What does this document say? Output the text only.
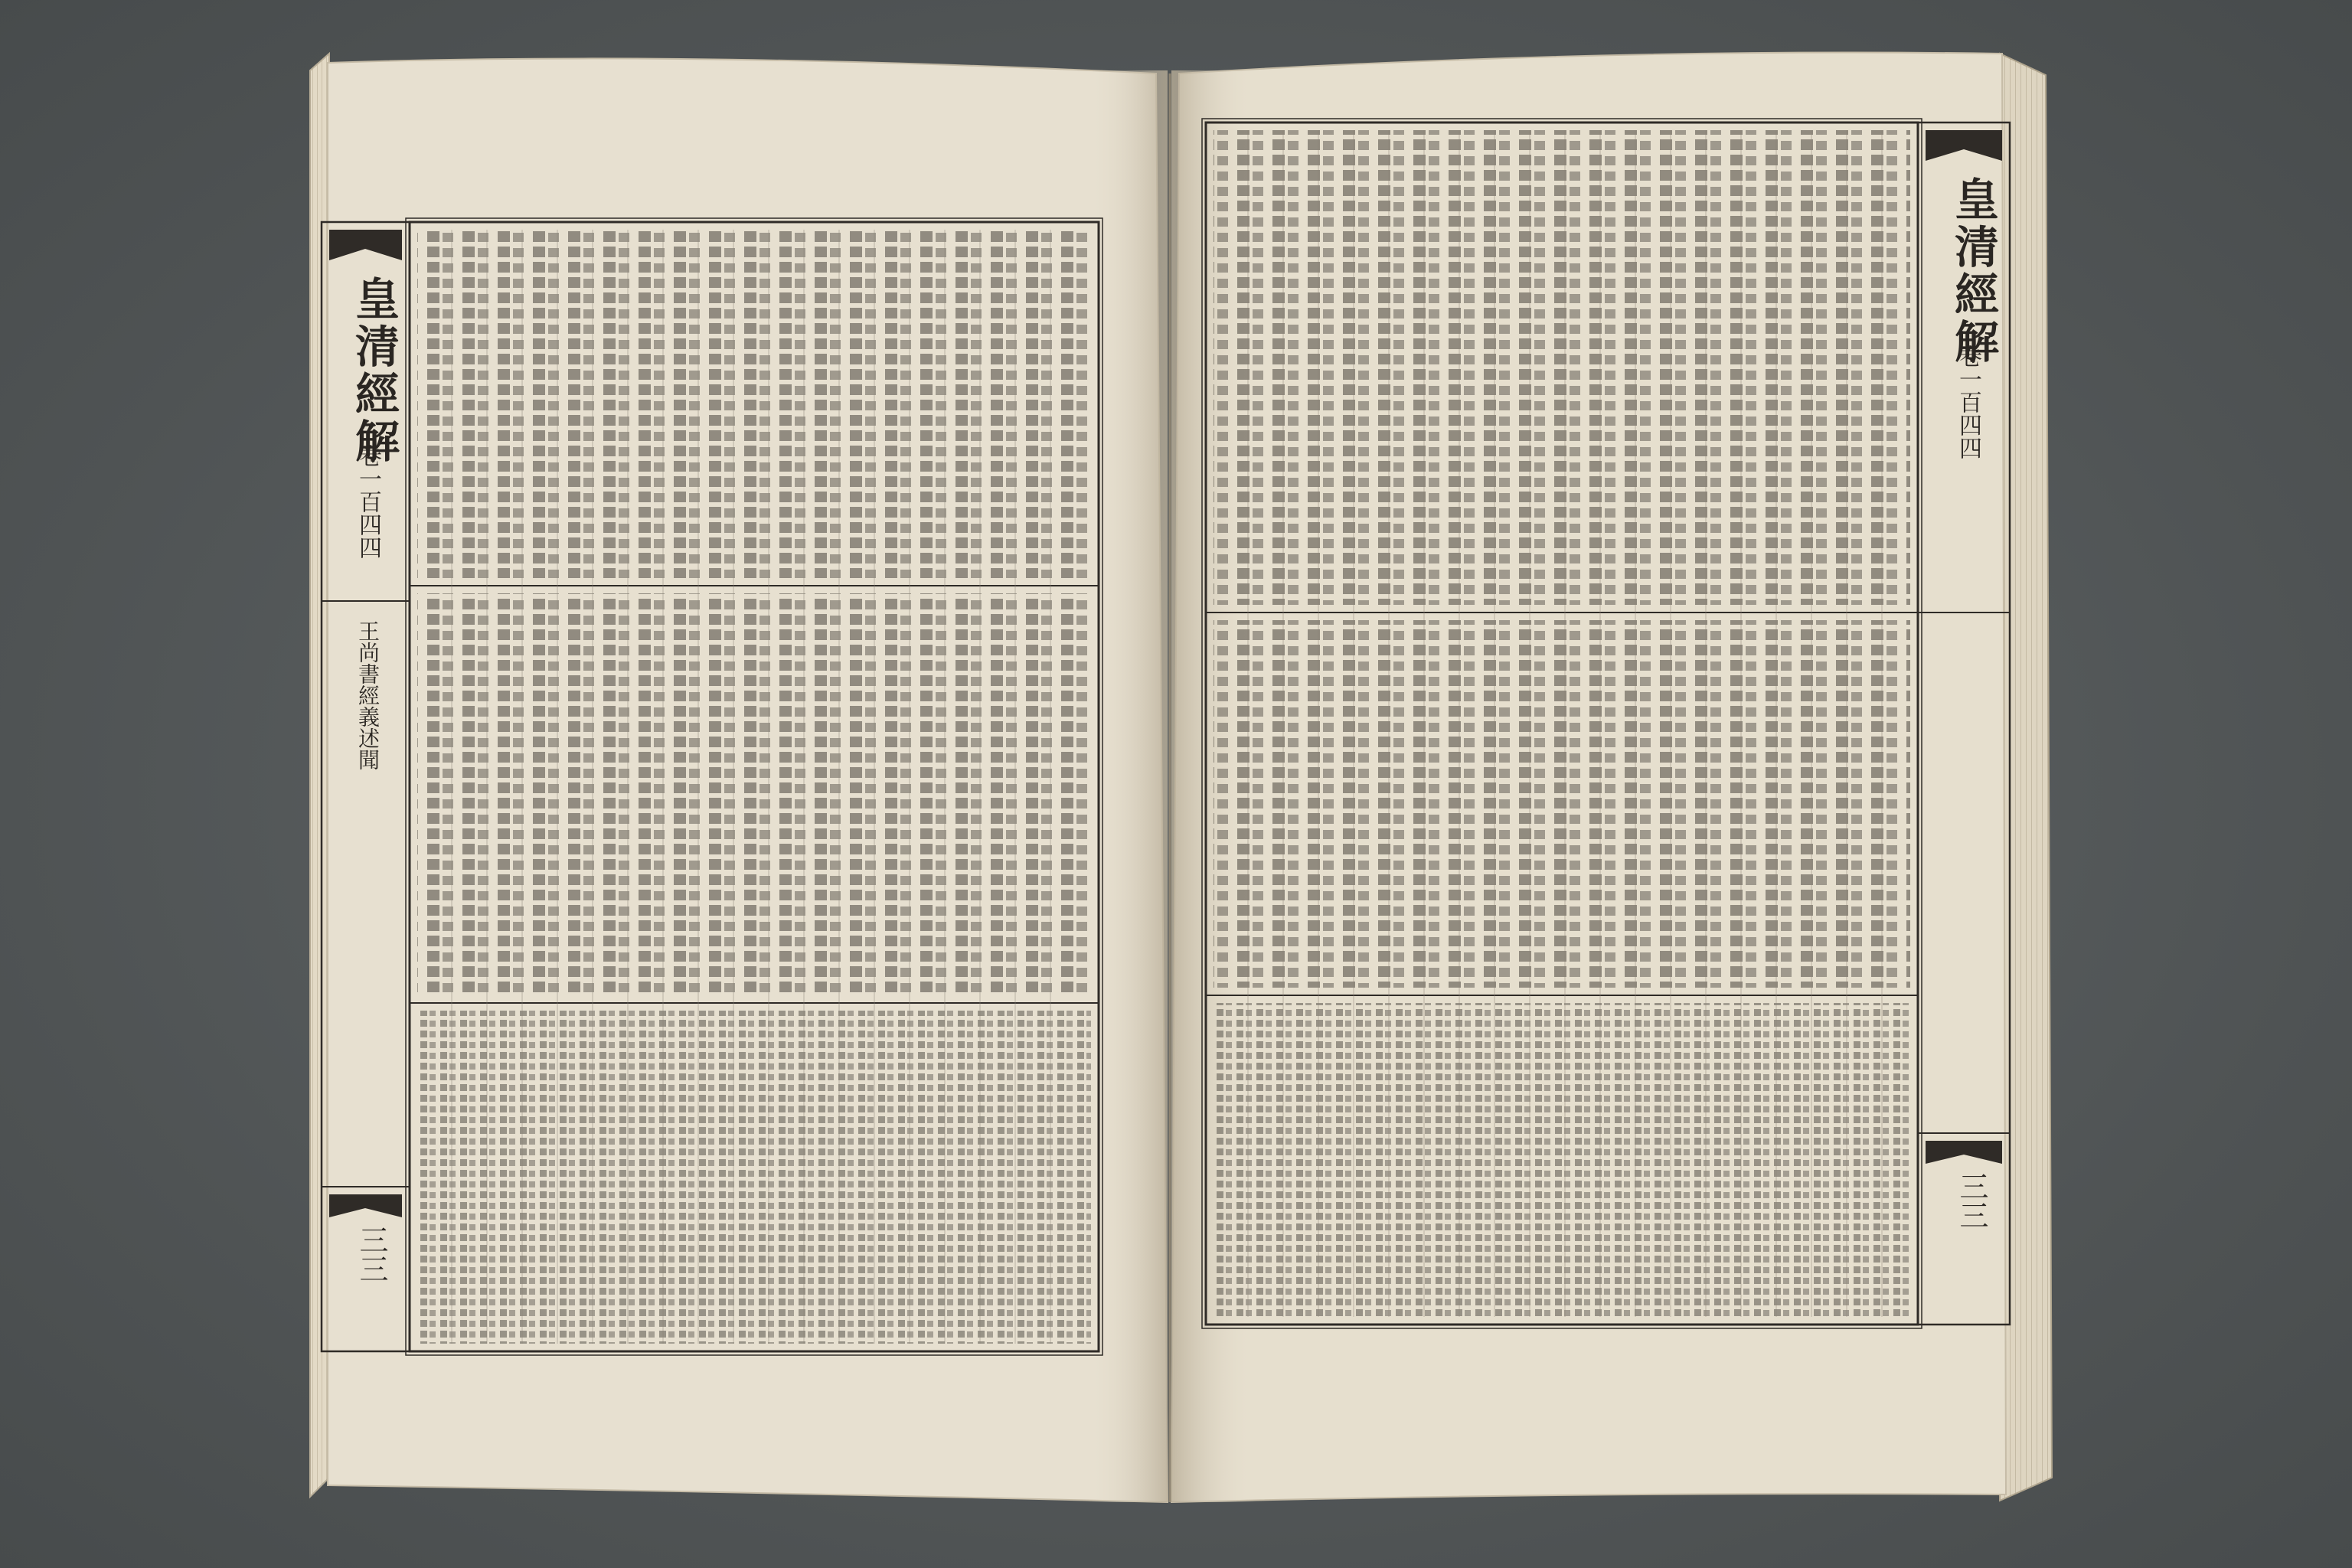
皇清經解
卷一百四四
王尚書經義述聞
三三
皇清經解
卷一百四四
三三
